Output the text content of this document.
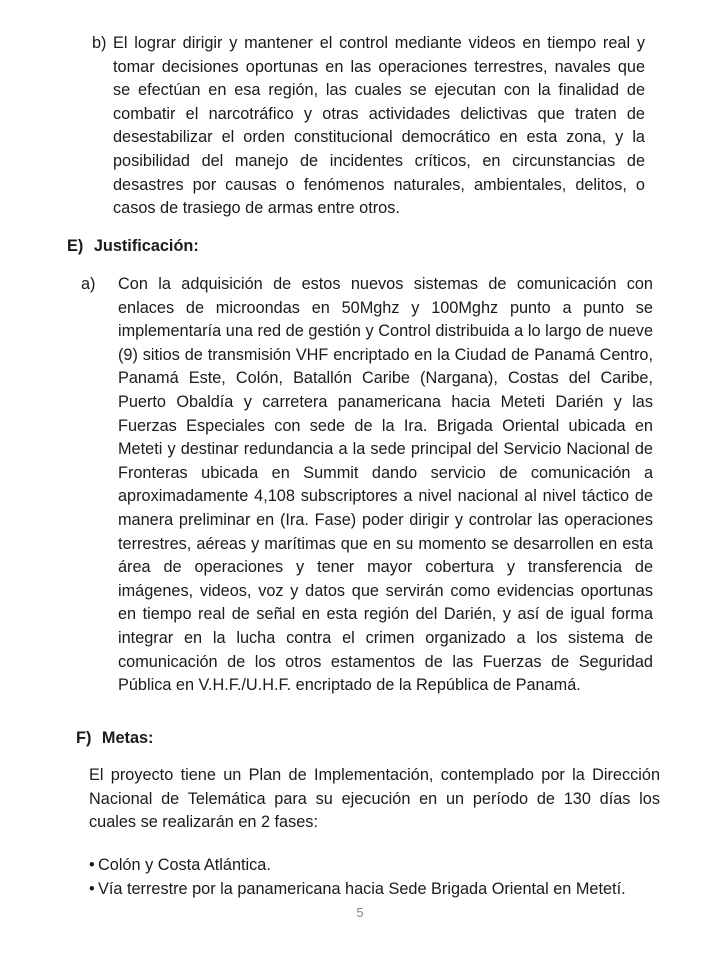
b) El lograr dirigir y mantener el control mediante videos en tiempo real y tomar decisiones oportunas en las operaciones terrestres, navales que se efectúan en esa región, las cuales se ejecutan con la finalidad de combatir el narcotráfico y otras actividades delictivas que traten de desestabilizar el orden constitucional democrático en esta zona, y la posibilidad del manejo de incidentes críticos, en circunstancias de desastres por causas o fenómenos naturales, ambientales, delitos, o casos de trasiego de armas entre otros.

E) Justificación:
a) Con la adquisición de estos nuevos sistemas de comunicación con enlaces de microondas en 50Mghz y 100Mghz punto a punto se implementaría una red de gestión y Control distribuida a lo largo de nueve (9) sitios de transmisión VHF encriptado en la Ciudad de Panamá Centro, Panamá Este, Colón, Batallón Caribe (Nargana), Costas del Caribe, Puerto Obaldía y carretera panamericana hacia Meteti Darién y las Fuerzas Especiales con sede de la Ira. Brigada Oriental ubicada en Meteti y destinar redundancia a la sede principal del Servicio Nacional de Fronteras ubicada en Summit dando servicio de comunicación a aproximadamente 4,108 subscriptores a nivel nacional al nivel táctico de manera preliminar en (Ira. Fase) poder dirigir y controlar las operaciones terrestres, aéreas y marítimas que en su momento se desarrollen en esta área de operaciones y tener mayor cobertura y transferencia de imágenes, videos, voz y datos que servirán como evidencias oportunas en tiempo real de señal en esta región del Darién, y así de igual forma integrar en la lucha contra el crimen organizado a los sistema de comunicación de los otros estamentos de las Fuerzas de Seguridad Pública en V.H.F./U.H.F. encriptado de la República de Panamá.

F) Metas:

El proyecto tiene un Plan de Implementación, contemplado por la Dirección Nacional de Telemática para su ejecución en un período de 130 días los cuales se realizarán en 2 fases:

• Colón y Costa Atlántica.
• Vía terrestre por la panamericana hacia Sede Brigada Oriental en Metetí.
5
